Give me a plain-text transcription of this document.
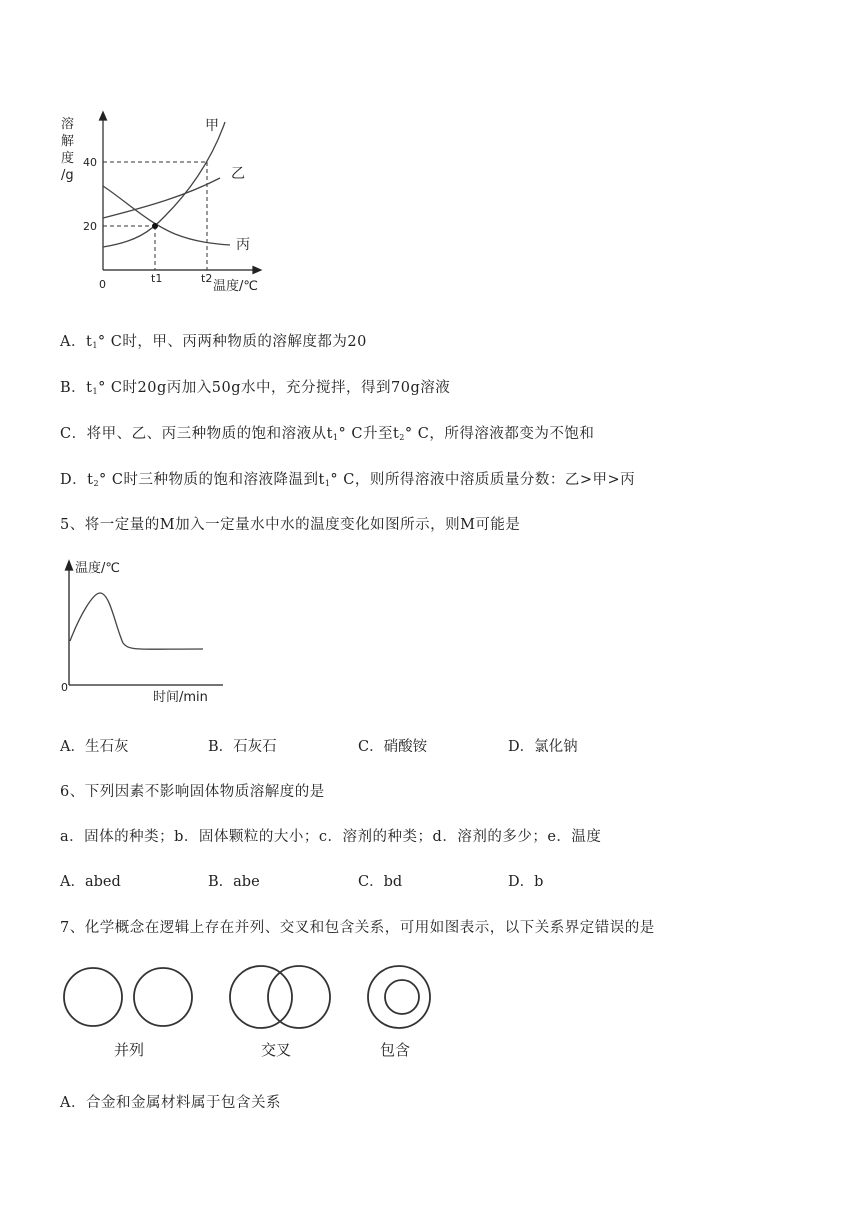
溶
解
度
/g
40
20
0	t1	t2
温度/℃
甲
乙
丙
A．$t_1^\circ$ C时，甲、丙两种物质的溶解度都为20
B．$t_1^\circ$ C时20g丙加入50g水中，充分搅拌，得到70g溶液
C．将甲、乙、丙三种物质的饱和溶液从$t_1^\circ$ C升至$t_2^\circ$ C，所得溶液都变为不饱和
D．$t_2^\circ$ C时三种物质的饱和溶液降温到$t_1^\circ$ C，则所得溶液中溶质质量分数：乙>甲>丙
5、将一定量的M加入一定量水中水的温度变化如图所示，则M可能是
温度/℃
0
时间/min
A．生石灰	B．石灰石	C．硝酸铵	D．氯化钠
6、下列因素不影响固体物质溶解度的是
a．固体的种类；b．固体颗粒的大小；c．溶剂的种类；d．溶剂的多少；e．温度
A．abed	B．abe	C．bd	D．b
7、化学概念在逻辑上存在并列、交叉和包含关系，可用如图表示，以下关系界定错误的是
并列	交叉	包含
A．合金和金属材料属于包含关系
